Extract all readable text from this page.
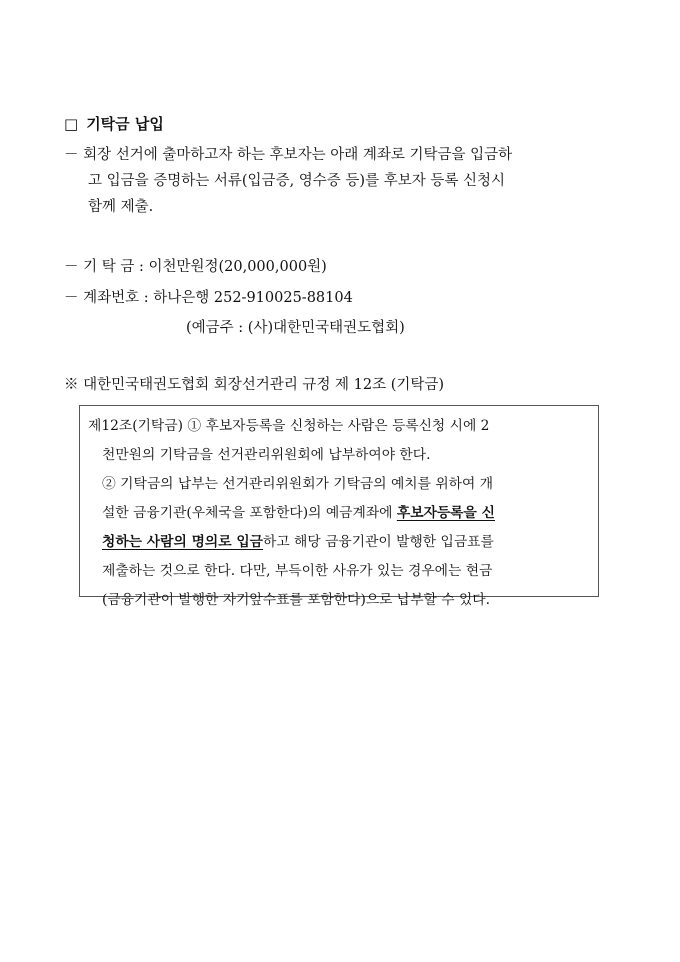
□ 기탁금 납입
－ 회장 선거에 출마하고자 하는 후보자는 아래 계좌로 기탁금을 입금하
고 입금을 증명하는 서류(입금증, 영수증 등)를 후보자 등록 신청시
함께 제출.
－ 기 탁 금 : 이천만원정(20,000,000원)
－ 계좌번호 : 하나은행 252-910025-88104
(예금주 : (사)대한민국태권도협회)
※ 대한민국태권도협회 회장선거관리 규정 제 12조 (기탁금)
제12조(기탁금) ① 후보자등록을 신청하는 사람은 등록신청 시에 2
천만원의 기탁금을 선거관리위원회에 납부하여야 한다.
② 기탁금의 납부는 선거관리위원회가 기탁금의 예치를 위하여 개
설한 금융기관(우체국을 포함한다)의 예금계좌에 후보자등록을 신
청하는 사람의 명의로 입금하고 해당 금융기관이 발행한 입금표를
제출하는 것으로 한다. 다만, 부득이한 사유가 있는 경우에는 현금
(금융기관이 발행한 자기앞수표를 포함한다)으로 납부할 수 있다.
